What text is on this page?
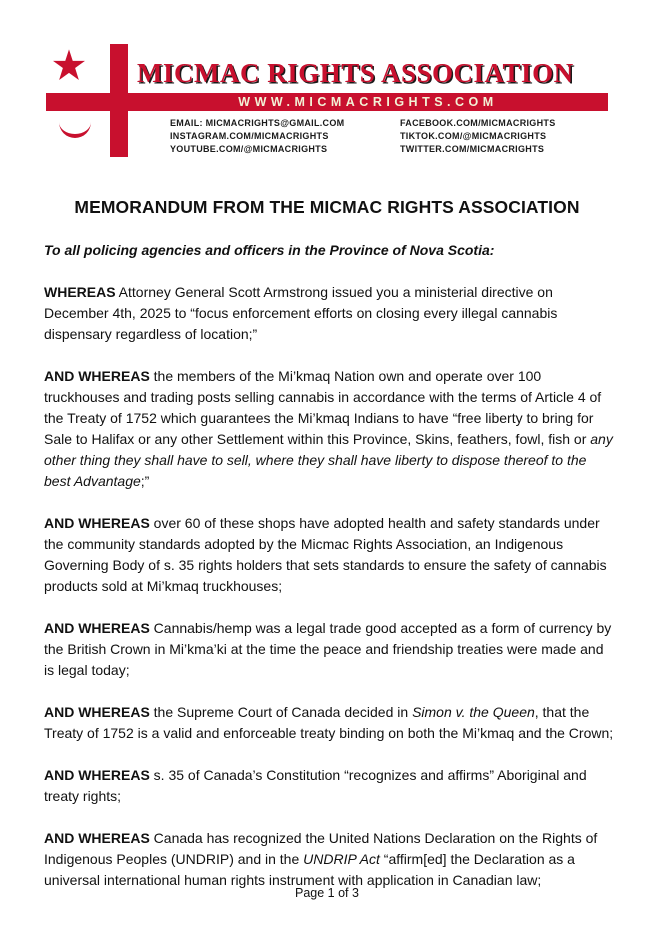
MICMAC RIGHTS ASSOCIATION
WWW.MICMACRIGHTS.COM
EMAIL: MICMACRIGHTS@GMAIL.COM
INSTAGRAM.COM/MICMACRIGHTS
YOUTUBE.COM/@MICMACRIGHTS
FACEBOOK.COM/MICMACRIGHTS
TIKTOK.COM/@MICMACRIGHTS
TWITTER.COM/MICMACRIGHTS
MEMORANDUM FROM THE MICMAC RIGHTS ASSOCIATION

To all policing agencies and officers in the Province of Nova Scotia:

WHEREAS Attorney General Scott Armstrong issued you a ministerial directive on December 4th, 2025 to “focus enforcement efforts on closing every illegal cannabis dispensary regardless of location;”

AND WHEREAS the members of the Mi’kmaq Nation own and operate over 100 truckhouses and trading posts selling cannabis in accordance with the terms of Article 4 of the Treaty of 1752 which guarantees the Mi’kmaq Indians to have “free liberty to bring for Sale to Halifax or any other Settlement within this Province, Skins, feathers, fowl, fish or any other thing they shall have to sell, where they shall have liberty to dispose thereof to the best Advantage;”

AND WHEREAS over 60 of these shops have adopted health and safety standards under the community standards adopted by the Micmac Rights Association, an Indigenous Governing Body of s. 35 rights holders that sets standards to ensure the safety of cannabis products sold at Mi’kmaq truckhouses;

AND WHEREAS Cannabis/hemp was a legal trade good accepted as a form of currency by the British Crown in Mi’kma’ki at the time the peace and friendship treaties were made and is legal today;

AND WHEREAS the Supreme Court of Canada decided in Simon v. the Queen, that the Treaty of 1752 is a valid and enforceable treaty binding on both the Mi’kmaq and the Crown;

AND WHEREAS s. 35 of Canada’s Constitution “recognizes and affirms” Aboriginal and treaty rights;

AND WHEREAS Canada has recognized the United Nations Declaration on the Rights of Indigenous Peoples (UNDRIP) and in the UNDRIP Act “affirm[ed] the Declaration as a universal international human rights instrument with application in Canadian law;

Page 1 of 3
